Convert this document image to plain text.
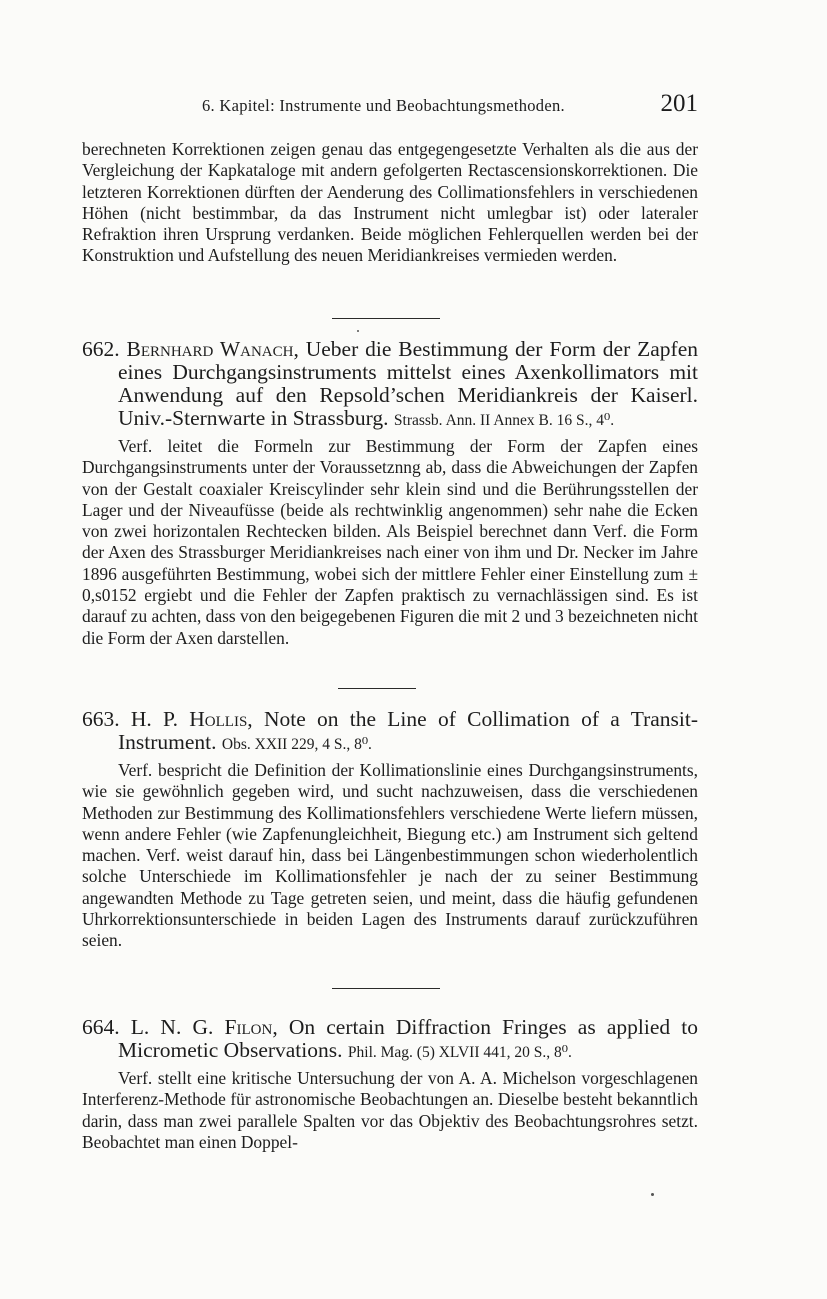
6. Kapitel: Instrumente und Beobachtungsmethoden.	201

berechneten Korrektionen zeigen genau das entgegengesetzte Verhalten als die aus der Vergleichung der Kapkataloge mit andern gefolgerten Rectascensionskorrektionen. Die letzteren Korrektionen dürften der Aenderung des Collimationsfehlers in verschiedenen Höhen (nicht bestimmbar, da das Instrument nicht umlegbar ist) oder lateraler Refraktion ihren Ursprung verdanken. Beide möglichen Fehlerquellen werden bei der Konstruktion und Aufstellung des neuen Meridiankreises vermieden werden.

662. Bernhard Wanach, Ueber die Bestimmung der Form der Zapfen eines Durchgangsinstruments mittelst eines Axenkollimators mit Anwendung auf den Repsold’schen Meridiankreis der Kaiserl. Univ.-Sternwarte in Strassburg. Strassb. Ann. II Annex B. 16 S., 4⁰.

Verf. leitet die Formeln zur Bestimmung der Form der Zapfen eines Durchgangsinstruments unter der Voraussetznng ab, dass die Abweichungen der Zapfen von der Gestalt coaxialer Kreiscylinder sehr klein sind und die Berührungsstellen der Lager und der Niveaufüsse (beide als rechtwinklig angenommen) sehr nahe die Ecken von zwei horizontalen Rechtecken bilden. Als Beispiel berechnet dann Verf. die Form der Axen des Strassburger Meridiankreises nach einer von ihm und Dr. Necker im Jahre 1896 ausgeführten Bestimmung, wobei sich der mittlere Fehler einer Einstellung zum ± 0,s0152 ergiebt und die Fehler der Zapfen praktisch zu vernachlässigen sind. Es ist darauf zu achten, dass von den beigegebenen Figuren die mit 2 und 3 bezeichneten nicht die Form der Axen darstellen.

663. H. P. Hollis, Note on the Line of Collimation of a Transit-Instrument. Obs. XXII 229, 4 S., 8⁰.

Verf. bespricht die Definition der Kollimationslinie eines Durchgangsinstruments, wie sie gewöhnlich gegeben wird, und sucht nachzuweisen, dass die verschiedenen Methoden zur Bestimmung des Kollimationsfehlers verschiedene Werte liefern müssen, wenn andere Fehler (wie Zapfenungleichheit, Biegung etc.) am Instrument sich geltend machen. Verf. weist darauf hin, dass bei Längenbestimmungen schon wiederholentlich solche Unterschiede im Kollimationsfehler je nach der zu seiner Bestimmung angewandten Methode zu Tage getreten seien, und meint, dass die häufig gefundenen Uhrkorrektionsunterschiede in beiden Lagen des Instruments darauf zurückzuführen seien.

664. L. N. G. Filon, On certain Diffraction Fringes as applied to Micrometic Observations. Phil. Mag. (5) XLVII 441, 20 S., 8⁰.

Verf. stellt eine kritische Untersuchung der von A. A. Michelson vorgeschlagenen Interferenz-Methode für astronomische Beobachtungen an. Dieselbe besteht bekanntlich darin, dass man zwei parallele Spalten vor das Objektiv des Beobachtungsrohres setzt. Beobachtet man einen Doppel-
